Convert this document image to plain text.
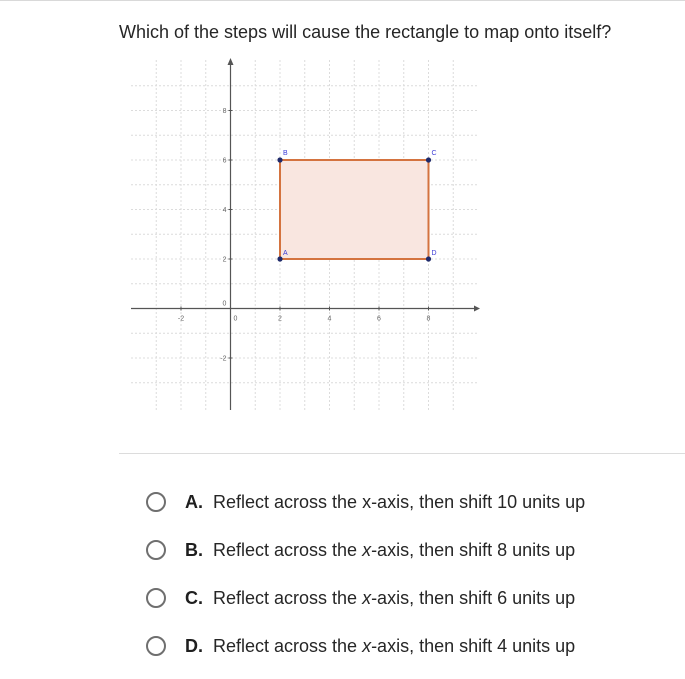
Which of the steps will cause the rectangle to map onto itself?
-2	0	2	4	6	8
-2
0
2
4
6
8
A
B	C
D
A. Reflect across the x-axis, then shift 10 units up
B. Reflect across the x-axis, then shift 8 units up
C. Reflect across the x-axis, then shift 6 units up
D. Reflect across the x-axis, then shift 4 units up
